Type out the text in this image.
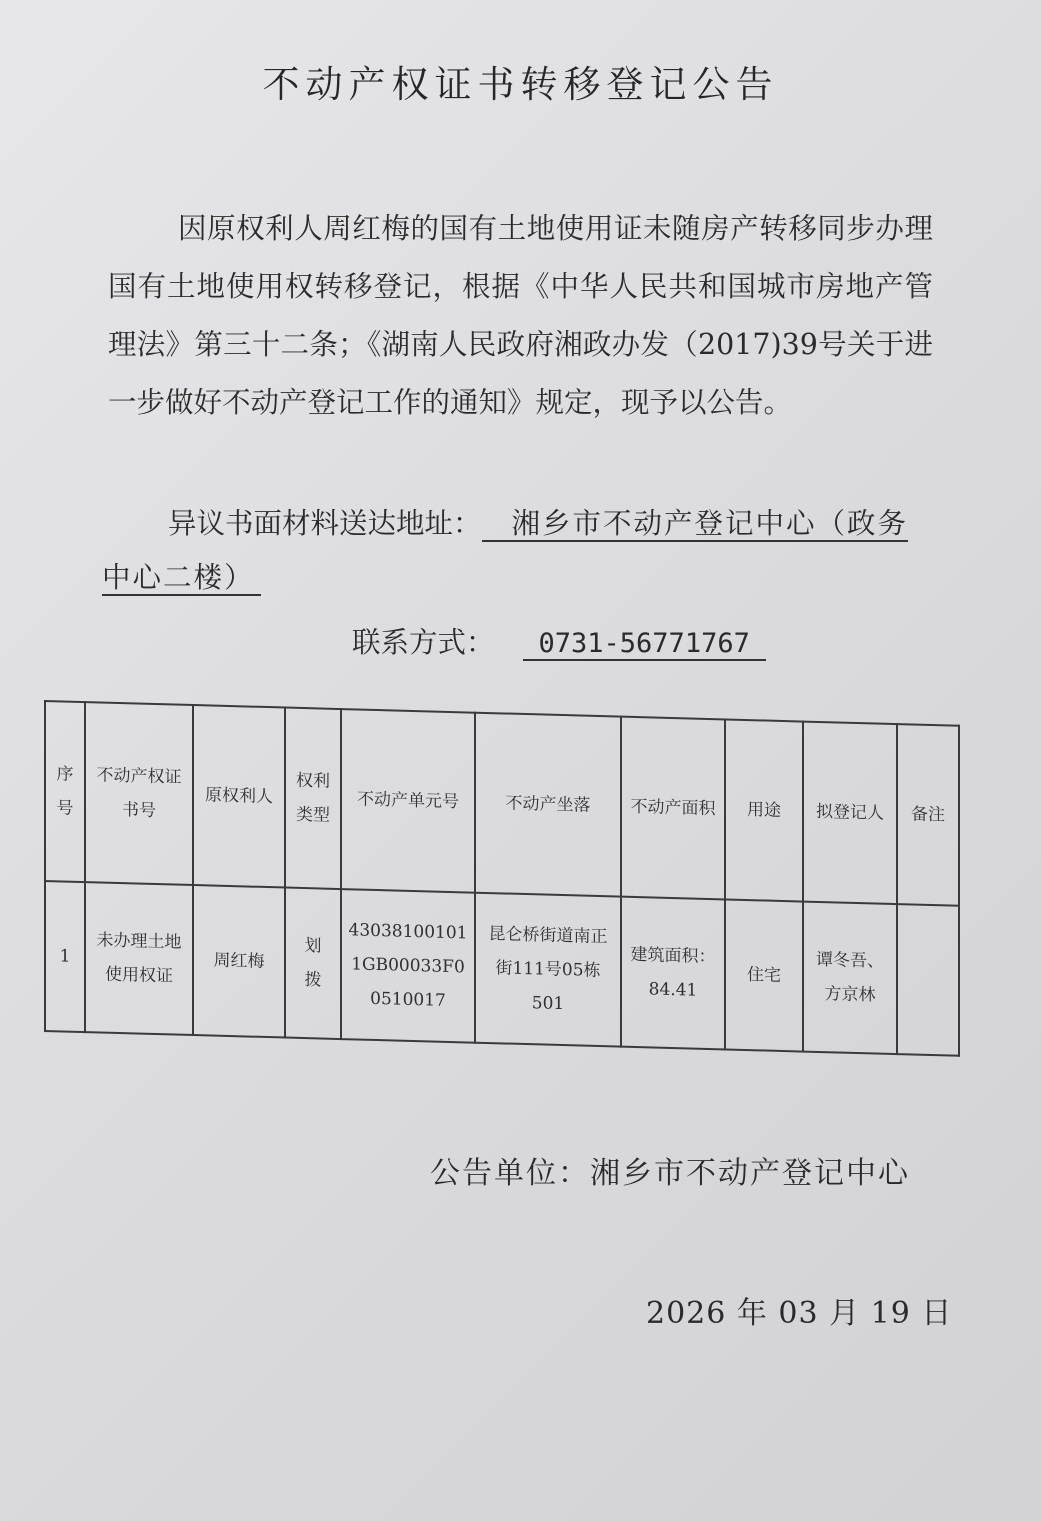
不动产权证书转移登记公告
因原权利人周红梅的国有土地使用证未随房产转移同步办理国有土地使用权转移登记，根据《中华人民共和国城市房地产管理法》第三十二条；《湖南人民政府湘政办发（2017)39号关于进一步做好不动产登记工作的通知》规定，现予以公告。
异议书面材料送达地址： 湘乡市不动产登记中心（政务中心二楼）
联系方式： 0731-56771767
序号	不动产权证书号	原权利人	权利类型	不动产单元号	不动产坐落	不动产面积	用途	拟登记人	备注
1	未办理土地使用权证	周红梅	划拨	430381001011GB00033F00510017	昆仑桥街道南正街111号05栋501	建筑面积：84.41	住宅	谭冬吾、方京林	
公告单位：湘乡市不动产登记中心
2026 年 03 月 19 日
